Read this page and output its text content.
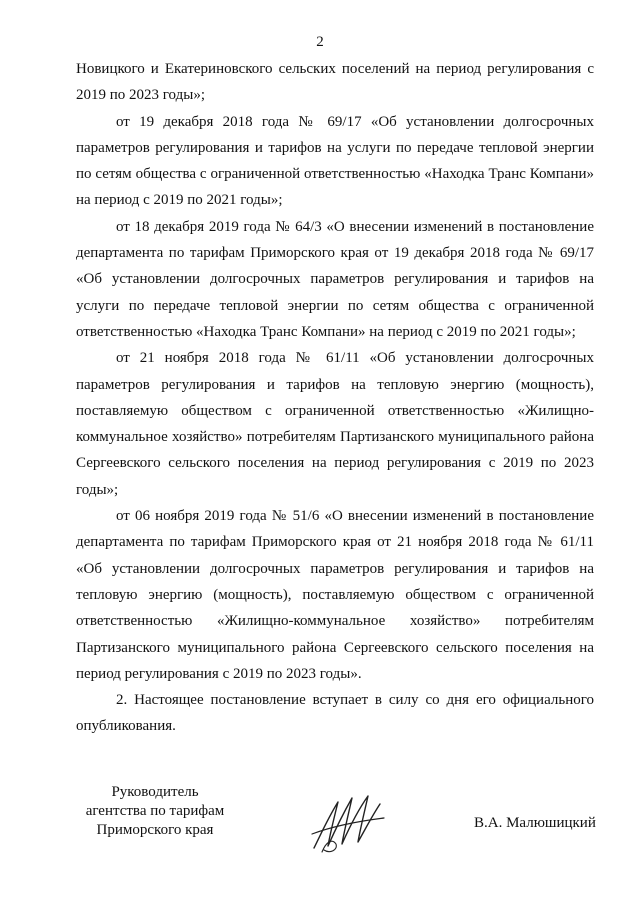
2

Новицкого и Екатериновского сельских поселений на период регулирования с 2019 по 2023 годы»;

от 19 декабря 2018 года № 69/17 «Об установлении долгосрочных параметров регулирования и тарифов на услуги по передаче тепловой энергии по сетям общества с ограниченной ответственностью «Находка Транс Компани» на период с 2019 по 2021 годы»;

от 18 декабря 2019 года № 64/3 «О внесении изменений в постановление департамента по тарифам Приморского края от 19 декабря 2018 года № 69/17 «Об установлении долгосрочных параметров регулирования и тарифов на услуги по передаче тепловой энергии по сетям общества с ограниченной ответственностью «Находка Транс Компани» на период с 2019 по 2021 годы»;

от 21 ноября 2018 года № 61/11 «Об установлении долгосрочных параметров регулирования и тарифов на тепловую энергию (мощность), поставляемую обществом с ограниченной ответственностью «Жилищно-коммунальное хозяйство» потребителям Партизанского муниципального района Сергеевского сельского поселения на период регулирования с 2019 по 2023 годы»;

от 06 ноября 2019 года № 51/6 «О внесении изменений в постановление департамента по тарифам Приморского края от 21 ноября 2018 года № 61/11 «Об установлении долгосрочных параметров регулирования и тарифов на тепловую энергию (мощность), поставляемую обществом с ограниченной ответственностью «Жилищно-коммунальное хозяйство» потребителям Партизанского муниципального района Сергеевского сельского поселения на период регулирования с 2019 по 2023 годы».

2. Настоящее постановление вступает в силу со дня его официального опубликования.

Руководитель
агентства по тарифам
Приморского края	В.А. Малюшицкий
